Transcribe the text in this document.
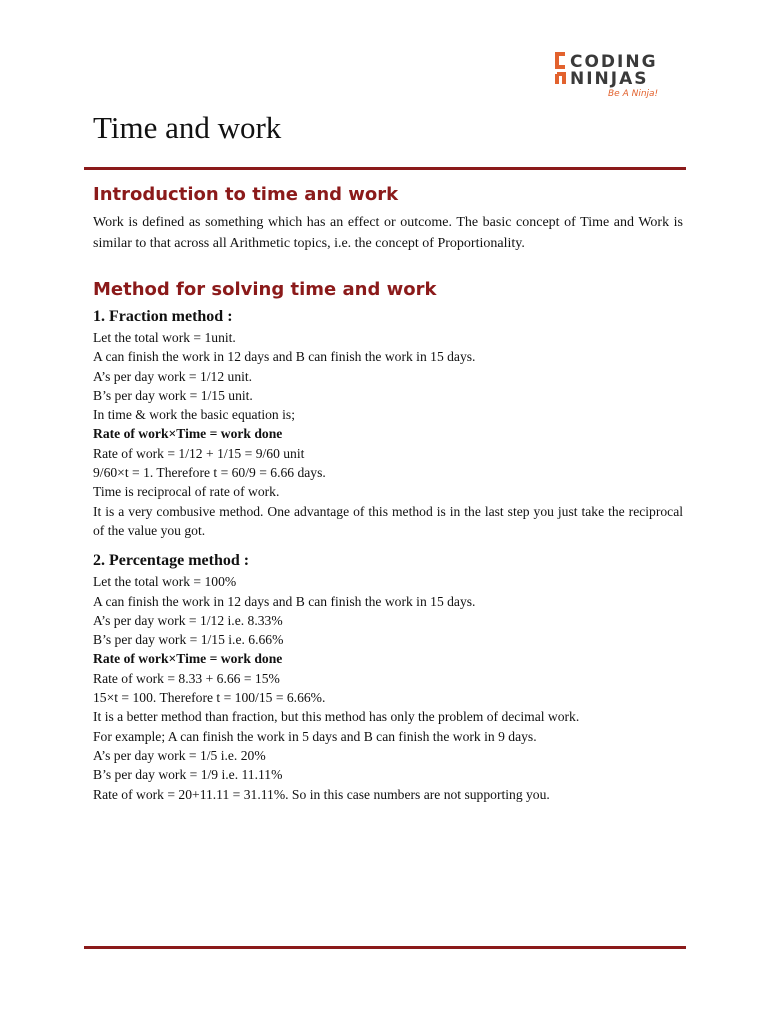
CODING
NINJAS
Be A Ninja!
Time and work
Introduction to time and work

Work is defined as something which has an effect or outcome. The basic concept of Time and Work is similar to that across all Arithmetic topics, i.e. the concept of Proportionality.

Method for solving time and work
1. Fraction method :
Let the total work = 1unit.
A can finish the work in 12 days and B can finish the work in 15 days.
A’s per day work = 1/12 unit.
B’s per day work = 1/15 unit.
In time & work the basic equation is;
Rate of work×Time = work done
Rate of work = 1/12 + 1/15 = 9/60 unit
9/60×t = 1. Therefore t = 60/9 = 6.66 days.
Time is reciprocal of rate of work.
It is a very combusive method. One advantage of this method is in the last step you just take the reciprocal of the value you got.
2. Percentage method :
Let the total work = 100%
A can finish the work in 12 days and B can finish the work in 15 days.
A’s per day work = 1/12 i.e. 8.33%
B’s per day work = 1/15 i.e. 6.66%
Rate of work×Time = work done
Rate of work = 8.33 + 6.66 = 15%
15×t = 100. Therefore t = 100/15 = 6.66%.
It is a better method than fraction, but this method has only the problem of decimal work.
For example; A can finish the work in 5 days and B can finish the work in 9 days.
A’s per day work = 1/5 i.e. 20%
B’s per day work = 1/9 i.e. 11.11%
Rate of work = 20+11.11 = 31.11%. So in this case numbers are not supporting you.
